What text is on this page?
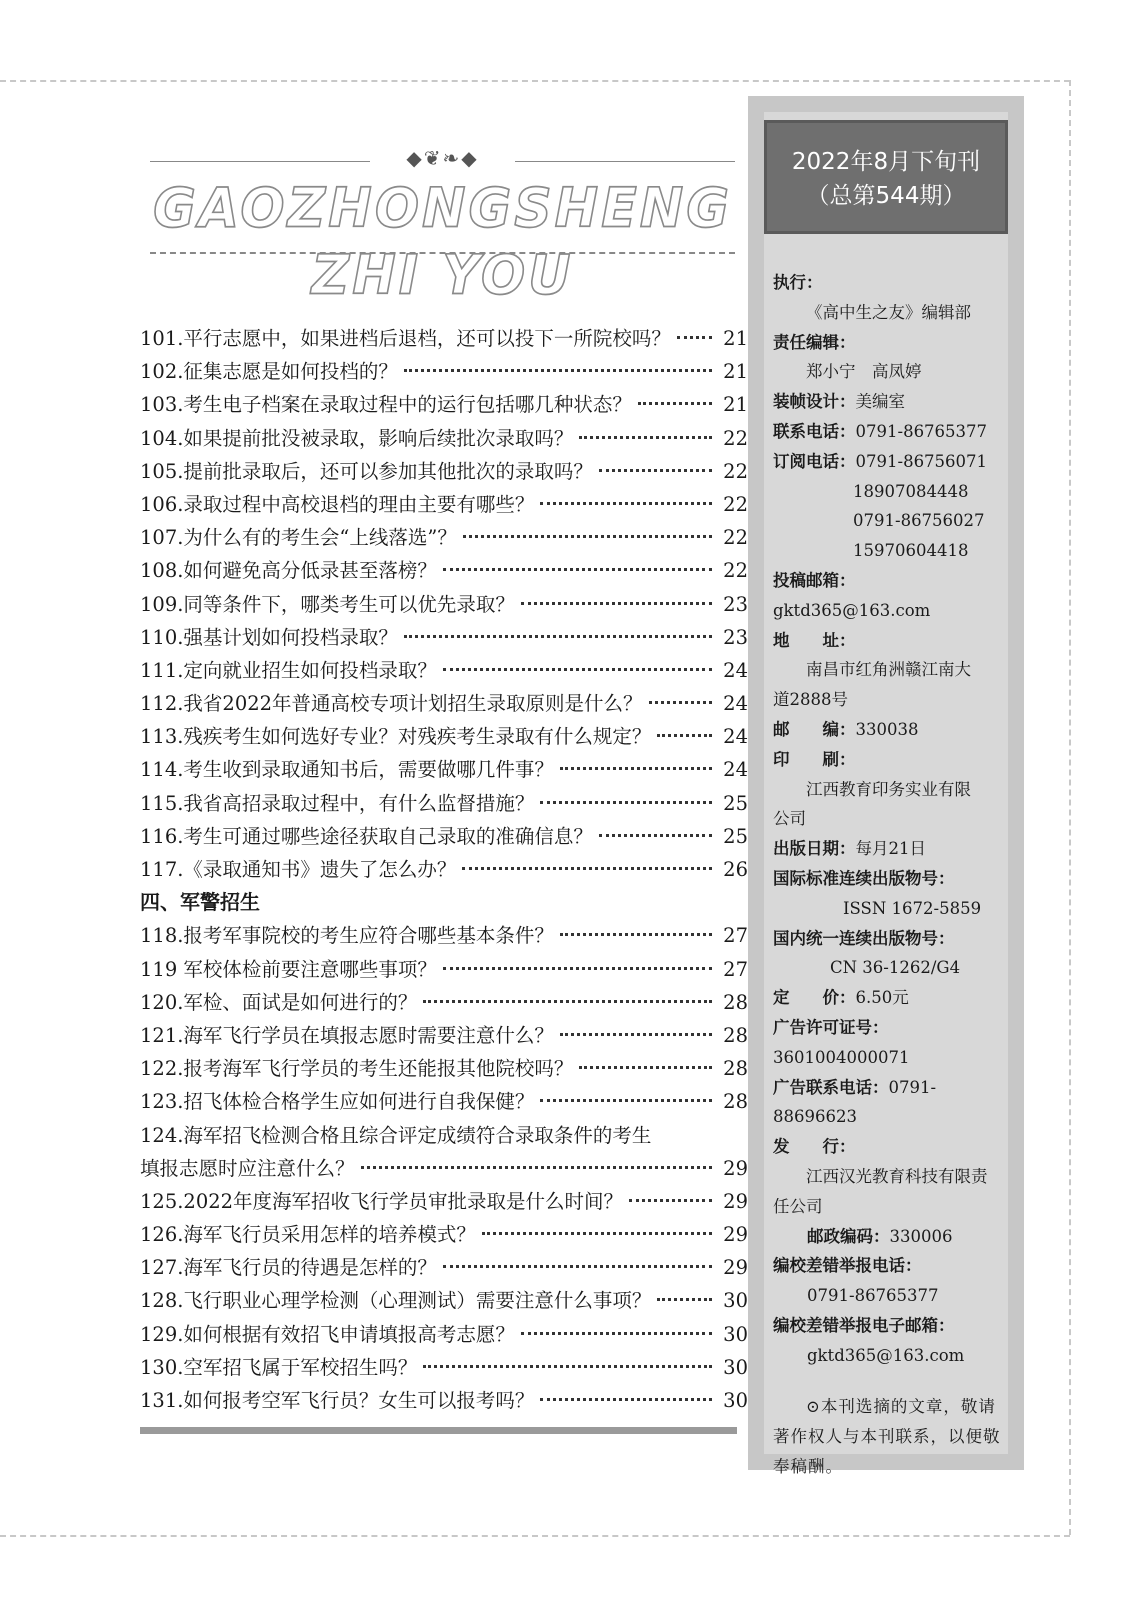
◆❦❧◆
GAOZHONGSHENG ZHI YOU
101.平行志愿中，如果进档后退档，还可以投下一所院校吗？	21
102.征集志愿是如何投档的？	21
103.考生电子档案在录取过程中的运行包括哪几种状态？	21
104.如果提前批没被录取，影响后续批次录取吗？	22
105.提前批录取后，还可以参加其他批次的录取吗？	22
106.录取过程中高校退档的理由主要有哪些？	22
107.为什么有的考生会“上线落选”？	22
108.如何避免高分低录甚至落榜？	22
109.同等条件下，哪类考生可以优先录取？	23
110.强基计划如何投档录取？	23
111.定向就业招生如何投档录取？	24
112.我省2022年普通高校专项计划招生录取原则是什么？	24
113.残疾考生如何选好专业？对残疾考生录取有什么规定？	24
114.考生收到录取通知书后，需要做哪几件事？	24
115.我省高招录取过程中，有什么监督措施？	25
116.考生可通过哪些途径获取自己录取的准确信息？	25
117.《录取通知书》遗失了怎么办？	26
四、军警招生
118.报考军事院校的考生应符合哪些基本条件？	27
119 军校体检前要注意哪些事项？	27
120.军检、面试是如何进行的？	28
121.海军飞行学员在填报志愿时需要注意什么？	28
122.报考海军飞行学员的考生还能报其他院校吗？	28
123.招飞体检合格学生应如何进行自我保健？	28
124.海军招飞检测合格且综合评定成绩符合录取条件的考生
填报志愿时应注意什么？	29
125.2022年度海军招收飞行学员审批录取是什么时间？	29
126.海军飞行员采用怎样的培养模式？	29
127.海军飞行员的待遇是怎样的？	29
128.飞行职业心理学检测（心理测试）需要注意什么事项？	30
129.如何根据有效招飞申请填报高考志愿？	30
130.空军招飞属于军校招生吗？	30
131.如何报考空军飞行员？女生可以报考吗？	30
2022年8月下旬刊
（总第544期）
执行：
《高中生之友》编辑部
责任编辑：
郑小宁　高凤婷
装帧设计：美编室
联系电话：0791-86765377
订阅电话：0791-86756071
18907084448
0791-86756027
15970604418
投稿邮箱：gktd365@163.com
地　　址：
南昌市红角洲赣江南大
道2888号
邮　　编：330038
印　　刷：
江西教育印务实业有限
公司
出版日期：每月21日
国际标准连续出版物号：
ISSN 1672-5859
国内统一连续出版物号：
CN 36-1262/G4
定　　价：6.50元
广告许可证号：3601004000071
广告联系电话：0791-88696623
发　　行：
江西汉光教育科技有限责
任公司
邮政编码：330006
编校差错举报电话：
0791-86765377
编校差错举报电子邮箱：
gktd365@163.com
⊙本刊选摘的文章，敬请著作权人与本刊联系，以便敬奉稿酬。
